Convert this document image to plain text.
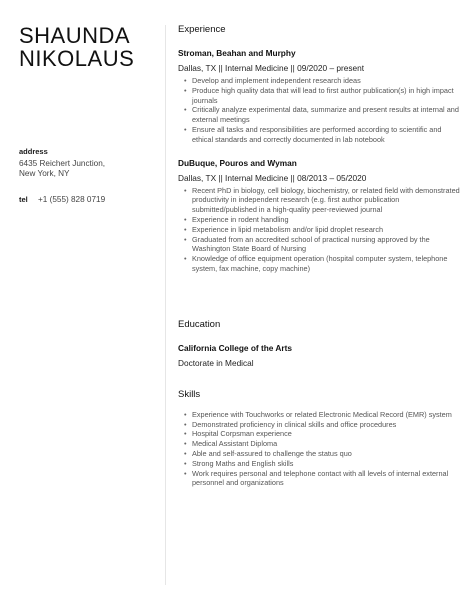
SHAUNDA
NIKOLAUS
address
6435 Reichert Junction,
New York, NY
tel +1 (555) 828 0719
Experience
Stroman, Beahan and Murphy
Dallas, TX || Internal Medicine || 09/2020 – present
• Develop and implement independent research ideas
• Produce high quality data that will lead to first author publication(s) in high impact journals
• Critically analyze experimental data, summarize and present results at internal and external meetings
• Ensure all tasks and responsibilities are performed according to scientific and ethical standards and correctly documented in lab notebook
DuBuque, Pouros and Wyman
Dallas, TX || Internal Medicine || 08/2013 – 05/2020
• Recent PhD in biology, cell biology, biochemistry, or related field with demonstrated productivity in independent research (e.g. first author publication submitted/published in a high-quality peer-reviewed journal
• Experience in rodent handling
• Experience in lipid metabolism and/or lipid droplet research
• Graduated from an accredited school of practical nursing approved by the Washington State Board of Nursing
• Knowledge of office equipment operation (hospital computer system, telephone system, fax machine, copy machine)
Education
California College of the Arts
Doctorate in Medical
Skills
• Experience with Touchworks or related Electronic Medical Record (EMR) system
• Demonstrated proficiency in clinical skills and office procedures
• Hospital Corpsman experience
• Medical Assistant Diploma
• Able and self-assured to challenge the status quo
• Strong Maths and English skills
• Work requires personal and telephone contact with all levels of internal external personnel and organizations
